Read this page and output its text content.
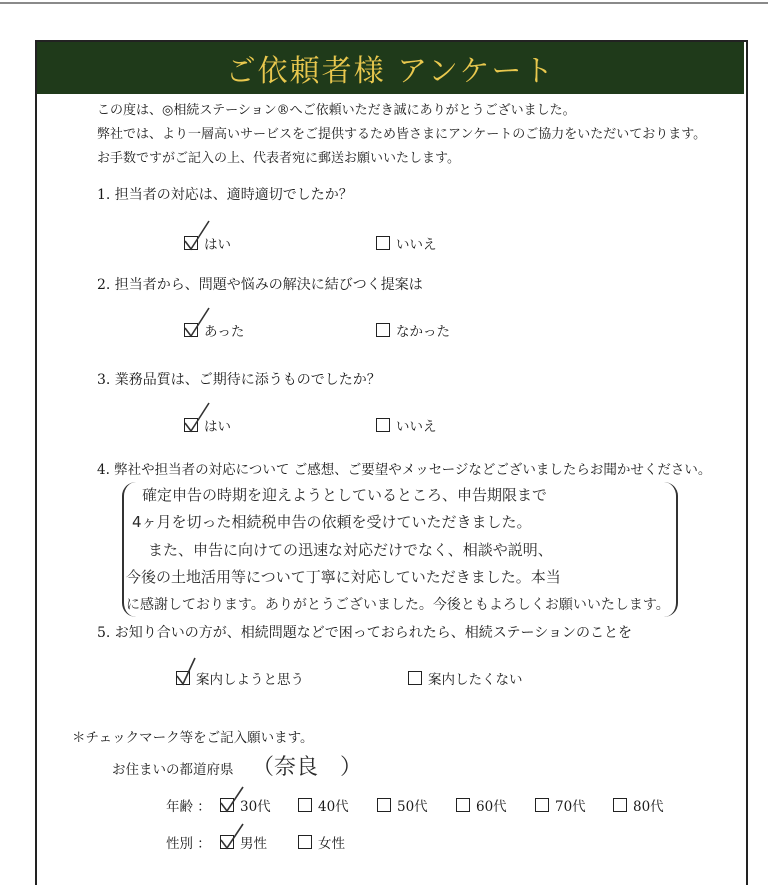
ご依頼者様 アンケート
この度は、◎相続ステーション®へご依頼いただき誠にありがとうございました。
弊社では、より一層高いサービスをご提供するため皆さまにアンケートのご協力をいただいております。
お手数ですがご記入の上、代表者宛に郵送お願いいたします。
1. 担当者の対応は、適時適切でしたか？
はい	いいえ
2. 担当者から、問題や悩みの解決に結びつく提案は
あった	なかった
3. 業務品質は、ご期待に添うものでしたか？
はい	いいえ
4. 弊社や担当者の対応について ご感想、ご要望やメッセージなどございましたらお聞かせください。
確定申告の時期を迎えようとしているところ、申告期限まで
4ヶ月を切った相続税申告の依頼を受けていただきました。
また、申告に向けての迅速な対応だけでなく、相談や説明、
今後の土地活用等について丁寧に対応していただきました。本当
に感謝しております。ありがとうございました。今後ともよろしくお願いいたします。
5. お知り合いの方が、相続問題などで困っておられたら、相続ステーションのことを
案内しようと思う	案内したくない
＊チェックマーク等をご記入願います。
お住まいの都道府県 （奈良　）
年齢 ： 30代	40代	50代	60代	70代	80代
性別 ： 男性	女性
